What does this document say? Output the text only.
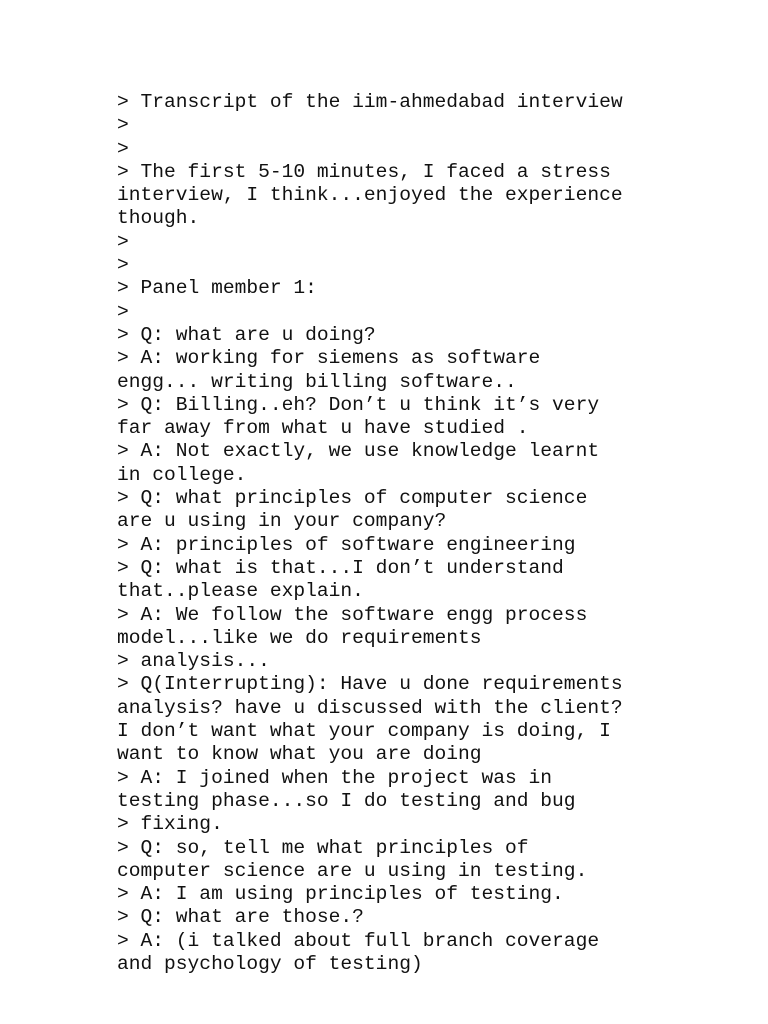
> Transcript of the iim-ahmedabad interview
>
>
> The first 5-10 minutes, I faced a stress
interview, I think...enjoyed the experience
though.
>
>
> Panel member 1:
>
> Q: what are u doing?
> A: working for siemens as software
engg... writing billing software..
> Q: Billing..eh? Don’t u think it’s very
far away from what u have studied .
> A: Not exactly, we use knowledge learnt
in college.
> Q: what principles of computer science
are u using in your company?
> A: principles of software engineering
> Q: what is that...I don’t understand
that..please explain.
> A: We follow the software engg process
model...like we do requirements
> analysis...
> Q(Interrupting): Have u done requirements
analysis? have u discussed with the client?
I don’t want what your company is doing, I
want to know what you are doing
> A: I joined when the project was in
testing phase...so I do testing and bug
> fixing.
> Q: so, tell me what principles of
computer science are u using in testing.
> A: I am using principles of testing.
> Q: what are those.?
> A: (i talked about full branch coverage
and psychology of testing)
